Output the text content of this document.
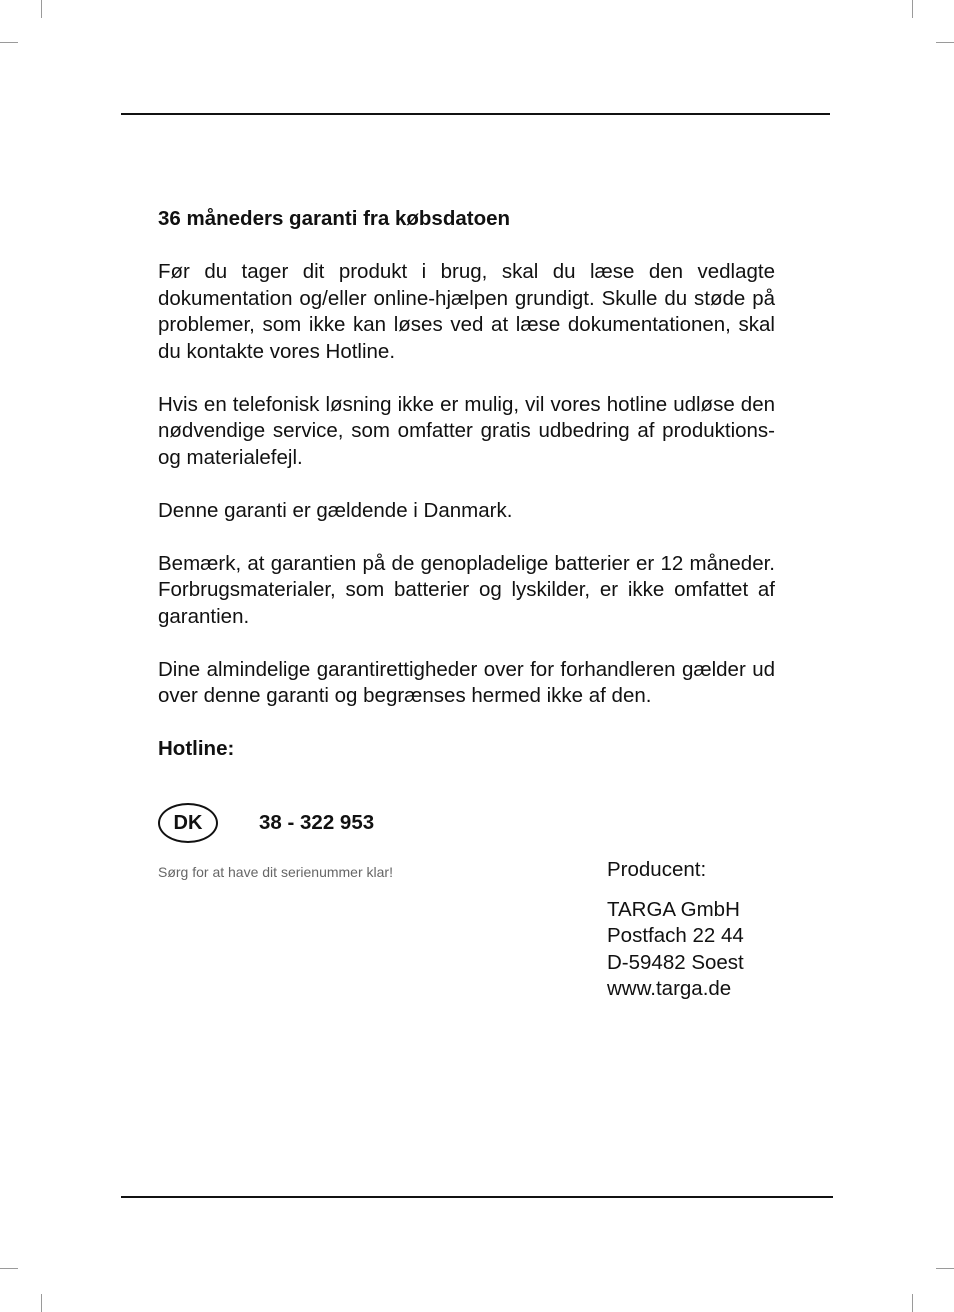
36 måneders garanti fra købsdatoen

Før du tager dit produkt i brug, skal du læse den vedlagte dokumentation og/eller online-hjælpen grundigt. Skulle du støde på problemer, som ikke kan løses ved at læse dokumentationen, skal du kontakte vores Hotline.

Hvis en telefonisk løsning ikke er mulig, vil vores hotline udløse den nødvendige service, som omfatter gratis udbedring af produktions- og materialefejl.

Denne garanti er gældende i Danmark.

Bemærk, at garantien på de genopladelige batterier er 12 måneder. Forbrugsmaterialer, som batterier og lyskilder, er ikke omfattet af garantien.

Dine almindelige garantirettigheder over for forhandleren gælder ud over denne garanti og begrænses hermed ikke af den.

Hotline:

DK	38 - 322 953
Sørg for at have dit serienummer klar!	Producent:

TARGA GmbH

Postfach 22 44

D-59482 Soest

www.targa.de
